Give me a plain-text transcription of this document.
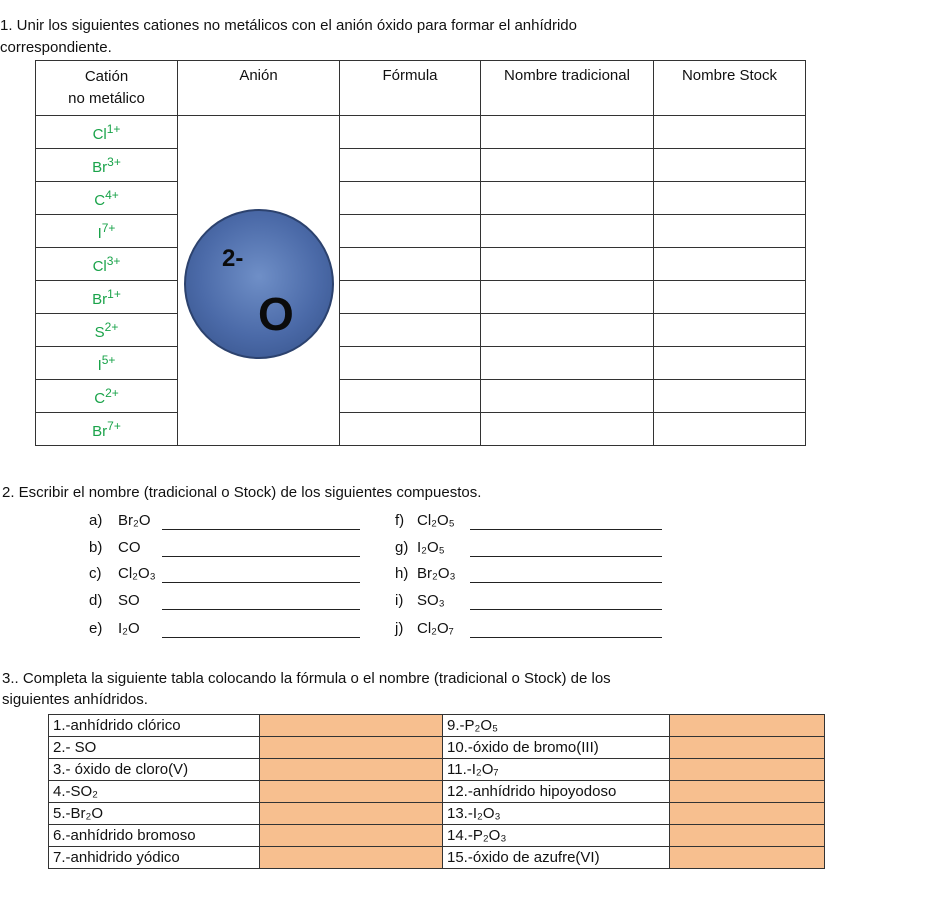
1. Unir los siguientes cationes no metálicos con el anión óxido para formar el anhídrido
correspondiente.
Catión
no metálico	Anión	Fórmula	Nombre tradicional	Nombre Stock
$Cl^{1+}$	O
$^{2-}$

$Br^{3+}$			
$C^{4+}$			
$I^{7+}$			
$Cl^{3+}$			
$Br^{1+}$			
$S^{2+}$			
$I^{5+}$			
$C^{2+}$			
$Br^{7+}$			
2. Escribir el nombre (tradicional o Stock) de los siguientes compuestos.
a) Br₂O
b) CO
c) Cl₂O₃
d) SO
e) I₂O
f) Cl₂O₅
g) I₂O₅
h) Br₂O₃
i) SO₃
j) Cl₂O₇
3.. Completa la siguiente tabla colocando la fórmula o el nombre (tradicional o Stock) de los
siguientes anhídridos.
1.-anhídrido clórico		9.-P₂O₅	
2.- SO		10.-óxido de bromo(III)	
3.- óxido de cloro(V)		11.-I₂O₇	
4.-SO₂		12.-anhídrido hipoyodoso	
5.-Br₂O		13.-I₂O₃	
6.-anhídrido bromoso		14.-P₂O₃	
7.-anhidrido yódico		15.-óxido de azufre(VI)	
